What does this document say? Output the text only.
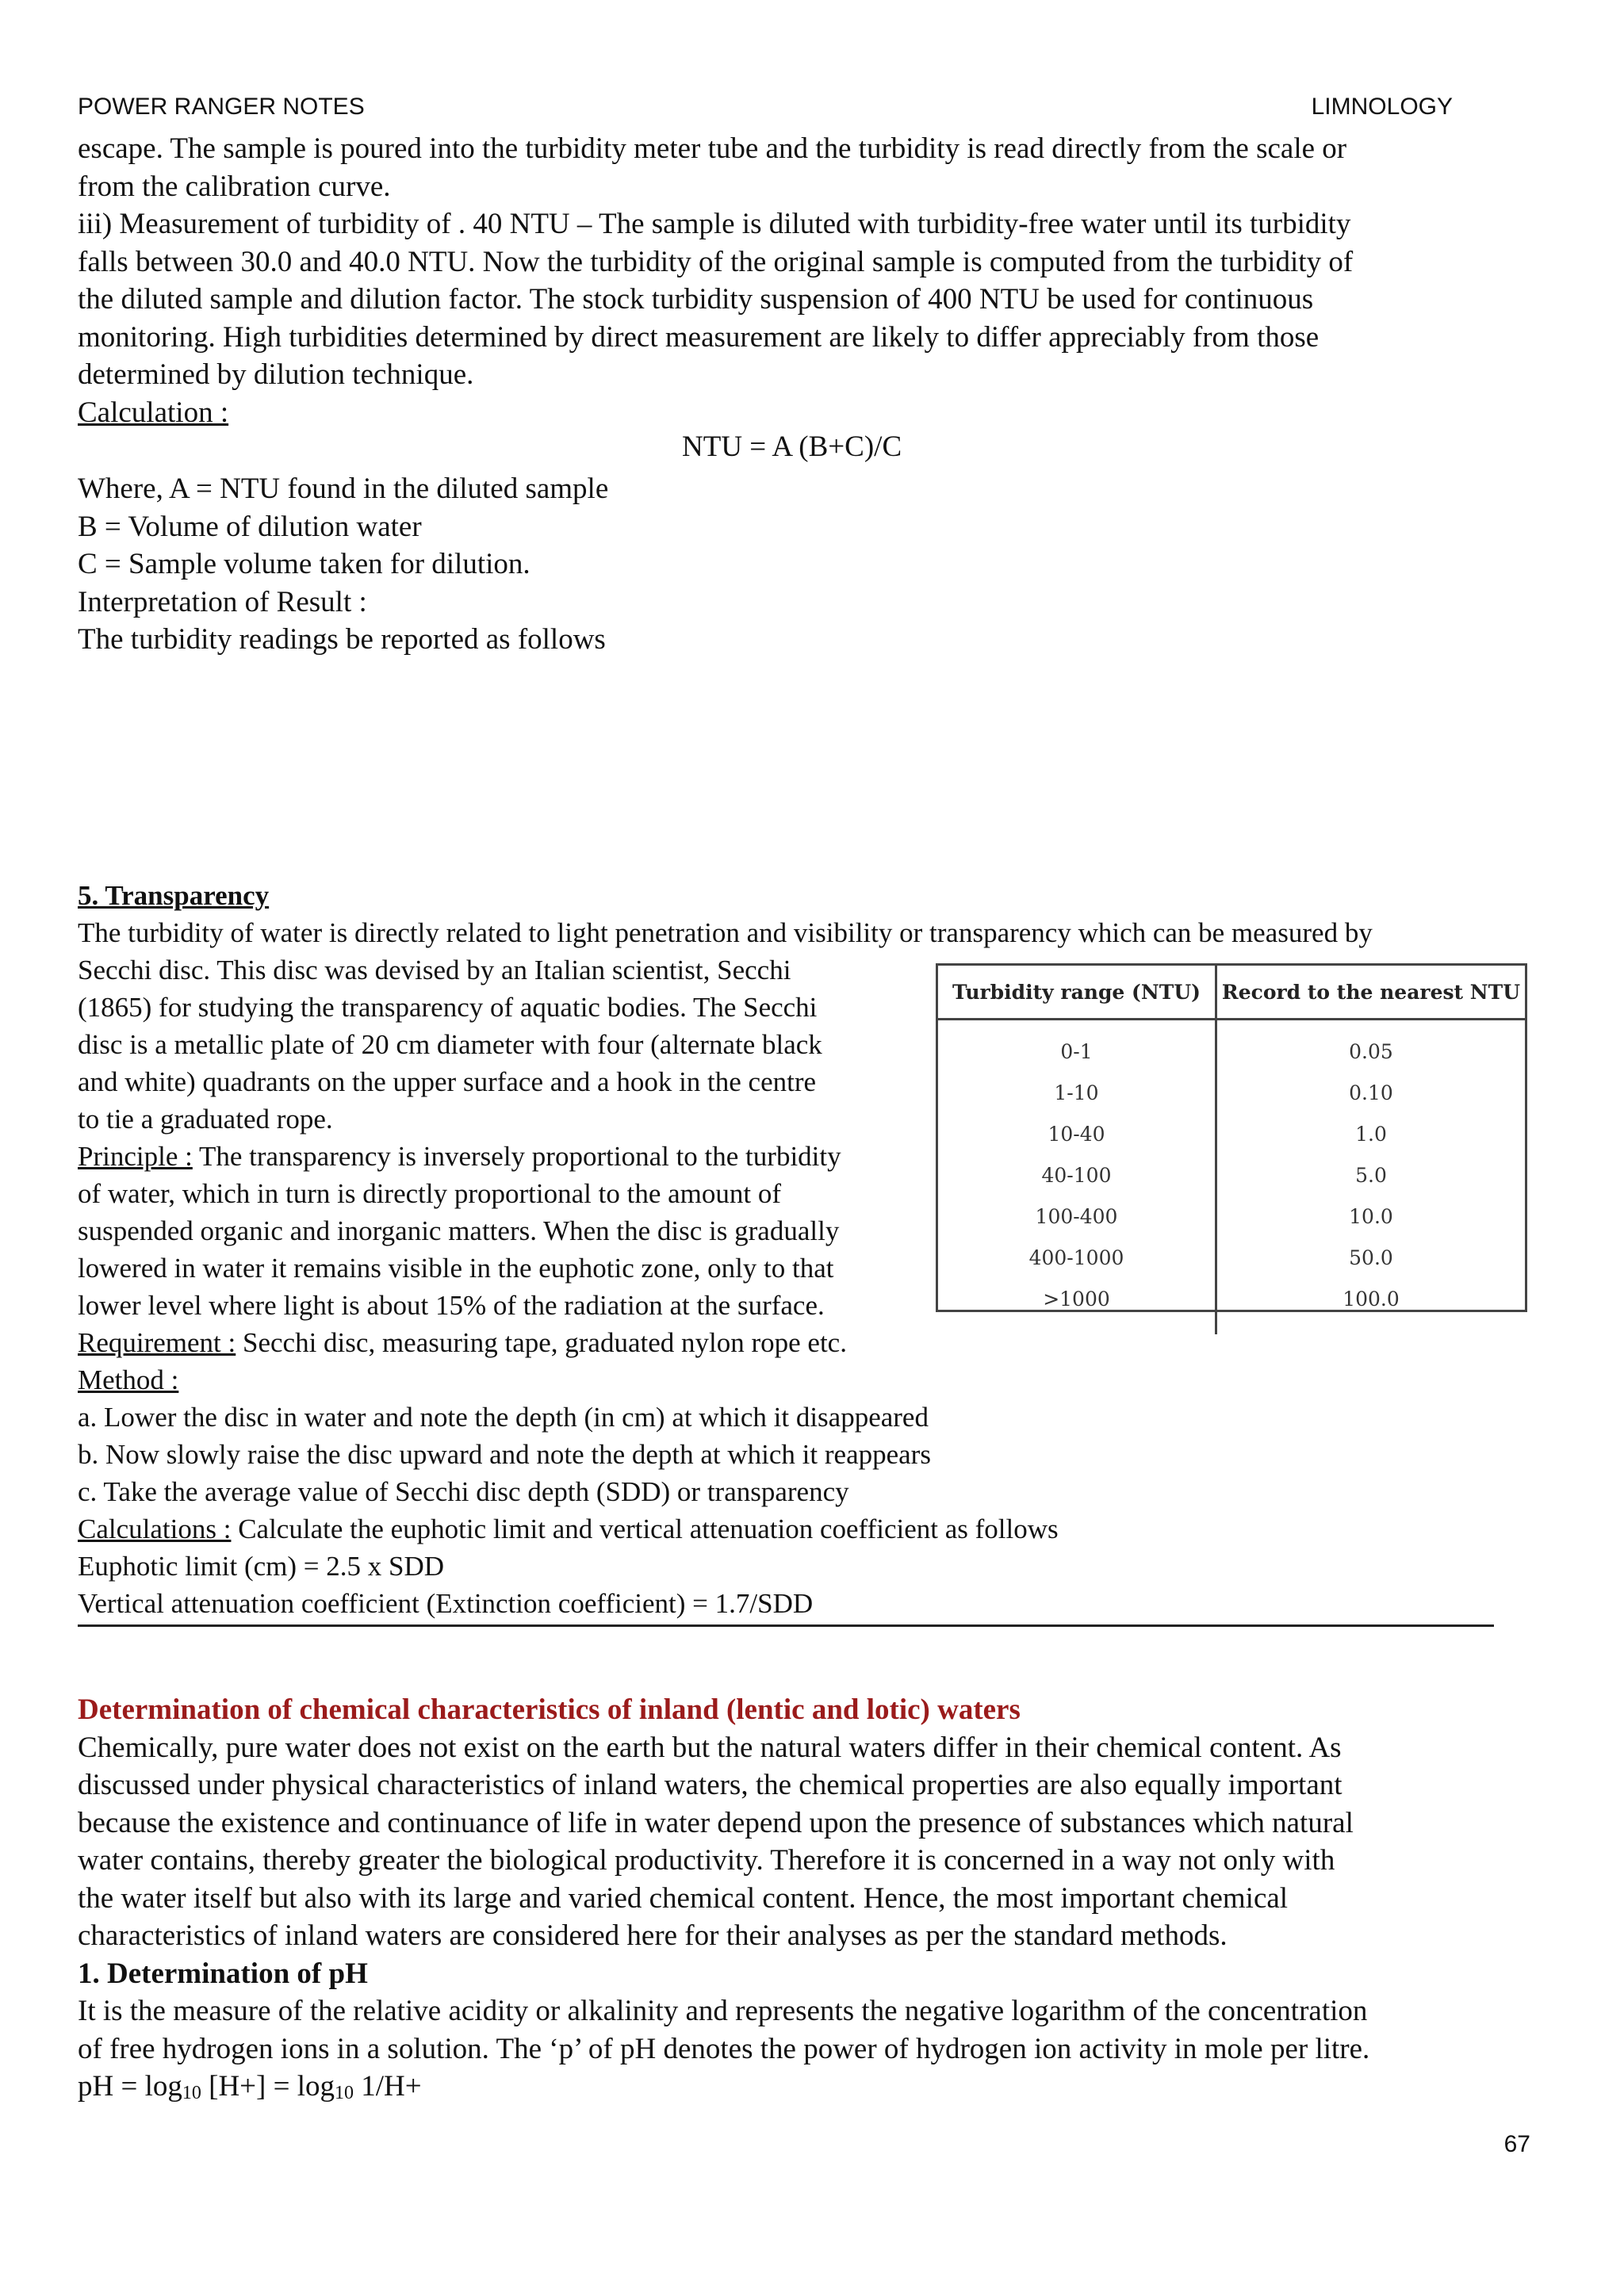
POWER RANGER NOTES	LIMNOLOGY

escape. The sample is poured into the turbidity meter tube and the turbidity is read directly from the scale or

from the calibration curve.

iii) Measurement of turbidity of . 40 NTU – The sample is diluted with turbidity-free water until its turbidity

falls between 30.0 and 40.0 NTU. Now the turbidity of the original sample is computed from the turbidity of

the diluted sample and dilution factor. The stock turbidity suspension of 400 NTU be used for continuous

monitoring. High turbidities determined by direct measurement are likely to differ appreciably from those

determined by dilution technique.

Calculation :

NTU = A (B+C)/C

Where, A = NTU found in the diluted sample

B = Volume of dilution water

C = Sample volume taken for dilution.

Interpretation of Result :

The turbidity readings be reported as follows

5. Transparency

The turbidity of water is directly related to light penetration and visibility or transparency which can be measured by

Secchi disc. This disc was devised by an Italian scientist, Secchi

(1865) for studying the transparency of aquatic bodies. The Secchi

disc is a metallic plate of 20 cm diameter with four (alternate black

and white) quadrants on the upper surface and a hook in the centre

to tie a graduated rope.

Principle : The transparency is inversely proportional to the turbidity

of water, which in turn is directly proportional to the amount of

suspended organic and inorganic matters. When the disc is gradually

lowered in water it remains visible in the euphotic zone, only to that

lower level where light is about 15% of the radiation at the surface.

Requirement : Secchi disc, measuring tape, graduated nylon rope etc.

Method :

a. Lower the disc in water and note the depth (in cm) at which it disappeared

b. Now slowly raise the disc upward and note the depth at which it reappears

c. Take the average value of Secchi disc depth (SDD) or transparency

Calculations : Calculate the euphotic limit and vertical attenuation coefficient as follows

Euphotic limit (cm) = 2.5 x SDD

Vertical attenuation coefficient (Extinction coefficient) = 1.7/SDD

Turbidity range (NTU)	Record to the nearest NTU
0-1	0.05
1-10	0.10
10-40	1.0
40-100	5.0
100-400	10.0
400-1000	50.0
>1000	100.0

Determination of chemical characteristics of inland (lentic and lotic) waters

Chemically, pure water does not exist on the earth but the natural waters differ in their chemical content. As

discussed under physical characteristics of inland waters, the chemical properties are also equally important

because the existence and continuance of life in water depend upon the presence of substances which natural

water contains, thereby greater the biological productivity. Therefore it is concerned in a way not only with

the water itself but also with its large and varied chemical content. Hence, the most important chemical

characteristics of inland waters are considered here for their analyses as per the standard methods.

1. Determination of pH

It is the measure of the relative acidity or alkalinity and represents the negative logarithm of the concentration

of free hydrogen ions in a solution. The ‘p’ of pH denotes the power of hydrogen ion activity in mole per litre.

pH = $\log_{10} [H+] = \log_{10} 1/H+$

67
